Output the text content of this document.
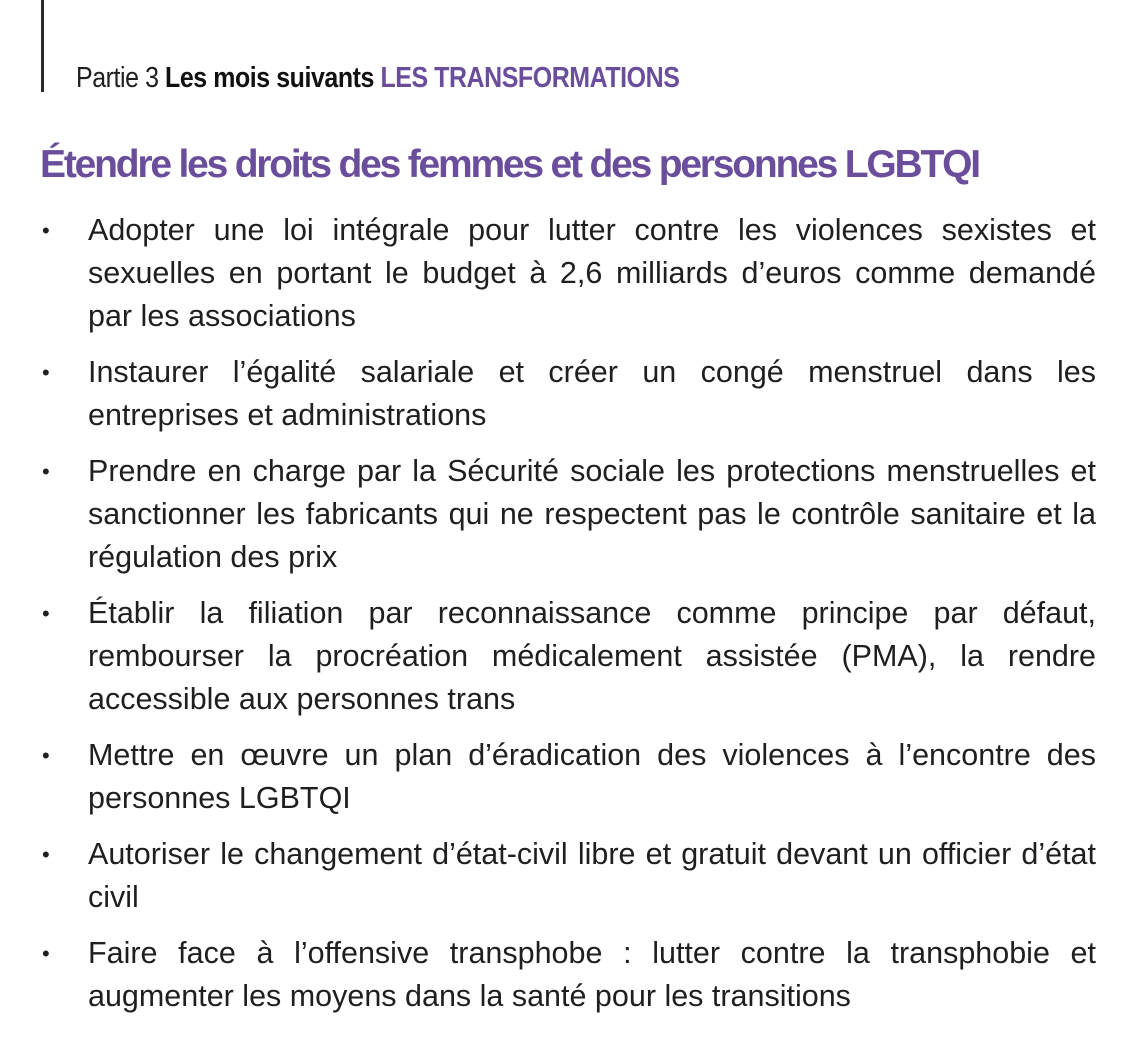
Partie 3 Les mois suivants LES TRANSFORMATIONS
Étendre les droits des femmes et des personnes LGBTQI
• Adopter une loi intégrale pour lutter contre les violences sexistes et sexuelles en portant le budget à 2,6 milliards d’euros comme demandé par les associations
• Instaurer l’égalité salariale et créer un congé menstruel dans les entreprises et administrations
• Prendre en charge par la Sécurité sociale les protections menstruelles et sanctionner les fabricants qui ne respectent pas le contrôle sanitaire et la régulation des prix
• Établir la filiation par reconnaissance comme principe par défaut, rembourser la procréation médicalement assistée (PMA), la rendre accessible aux personnes trans
• Mettre en œuvre un plan d’éradication des violences à l’encontre des personnes LGBTQI
• Autoriser le changement d’état-civil libre et gratuit devant un officier d’état civil
• Faire face à l’offensive transphobe : lutter contre la transphobie et augmenter les moyens dans la santé pour les transitions
